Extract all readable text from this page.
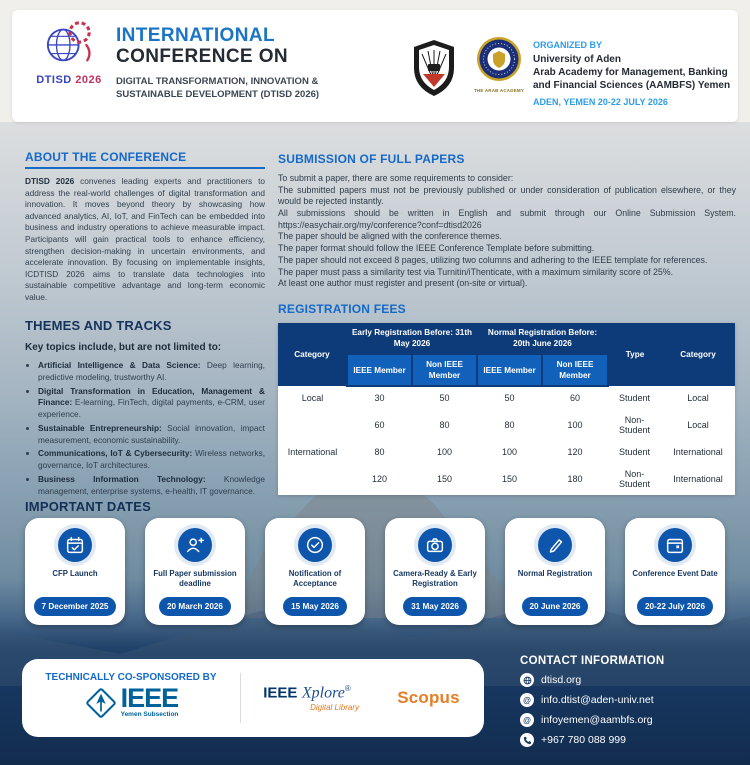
DTISD 2026
INTERNATIONAL
CONFERENCE ON
DIGITAL TRANSFORMATION, INNOVATION & SUSTAINABLE DEVELOPMENT (DTISD 2026)	THE ARAB ACADEMY
ORGANIZED BY

University of Aden

Arab Academy for Management, Banking and Financial Sciences (AAMBFS) Yemen

ADEN, YEMEN 20-22 JULY 2026
ABOUT THE CONFERENCE
DTISD 2026 convenes leading experts and practitioners to address the real-world challenges of digital transformation and innovation. It moves beyond theory by showcasing how advanced analytics, AI, IoT, and FinTech can be embedded into business and industry operations to achieve measurable impact. Participants will gain practical tools to enhance efficiency, strengthen decision-making in uncertain environments, and accelerate innovation. By focusing on implementable insights, ICDTISD 2026 aims to translate data technologies into sustainable competitive advantage and long-term economic value.
THEMES AND TRACKS
Key topics include, but are not limited to:
• Artificial Intelligence & Data Science: Deep learning, predictive modeling, trustworthy AI.
• Digital Transformation in Education, Management & Finance: E-learning, FinTech, digital payments, e-CRM, user experience.
• Sustainable Entrepreneurship: Social innovation, impact measurement, economic sustainability.
• Communications, IoT & Cybersecurity: Wireless networks, governance, IoT architectures.
• Business Information Technology: Knowledge management, enterprise systems, e-health, IT governance.
SUBMISSION OF FULL PAPERS

To submit a paper, there are some requirements to consider:

The submitted papers must not be previously published or under consideration of publication elsewhere, or they would be rejected instantly.

All submissions should be written in English and submit through our Online Submission System. https://easychair.org/my/conference?conf=dtisd2026

The paper should be aligned with the conference themes.

The paper format should follow the IEEE Conference Template before submitting.

The paper should not exceed 8 pages, utilizing two columns and adhering to the IEEE template for references.

The paper must pass a similarity test via Turnitin/iThenticate, with a maximum similarity score of 25%.

At least one author must register and present (on-site or virtual).

REGISTRATION FEES
Category	Early Registration Before: 31th May 2026		Normal Registration Before: 20th June 2026		Type	Category
	IEEE Member	Non IEEE Member	IEEE Member	Non IEEE Member		
Local	30	50	50	60	Student	Local
	60	80	80	100	Non-Student	Local
International	80	100	100	120	Student	International
	120	150	150	180	Non-Student	International
IMPORTANT DATES
CFP Launch
7 December 2025
Full Paper submission deadline
20 March 2026
Notification of Acceptance
15 May 2026
Camera-Ready & Early Registration
31 May 2026
Normal Registration
20 June 2026
Conference Event Date
20-22 July 2026
TECHNICALLY CO-SPONSORED BY
IEEE
Yemen Subsection
IEEE Xplore®

Digital Library

Scopus
CONTACT INFORMATION
dtisd.org
@ info.dtist@aden-univ.net
@ infoyemen@aambfs.org
+967 780 088 999
